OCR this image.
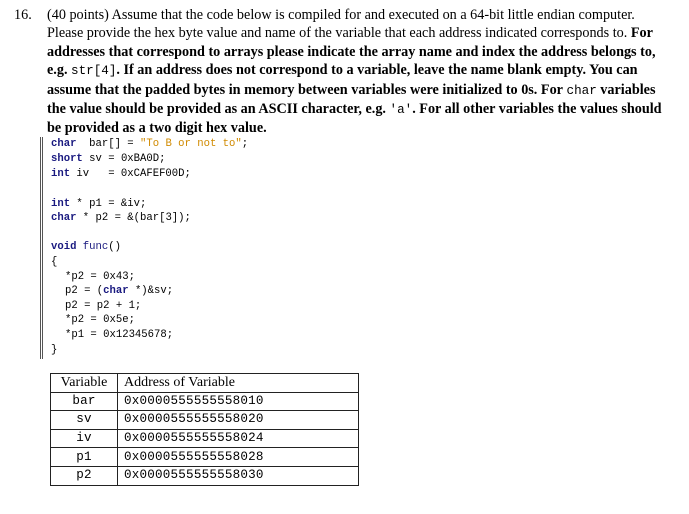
16. (40 points) Assume that the code below is compiled for and executed on a 64-bit little endian computer. Please provide the hex byte value and name of the variable that each address indicated corresponds to. For addresses that correspond to arrays please indicate the array name and index the address belongs to, e.g. str[4]. If an address does not correspond to a variable, leave the name blank empty. You can assume that the padded bytes in memory between variables were initialized to 0s. For char variables the value should be provided as an ASCII character, e.g. 'a'. For all other variables the values should be provided as a two digit hex value.
char  bar[] = "To B or not to";
short sv = 0xBA0D;
int iv   = 0xCAFEF00D;
int * p1 = &iv;
char * p2 = &(bar[3]);
void func()
{
*p2 = 0x43;
p2 = (char *)&sv;
p2 = p2 + 1;
*p2 = 0x5e;
*p1 = 0x12345678;
}
Variable	Address of Variable
bar	0x0000555555558010
sv	0x0000555555558020
iv	0x0000555555558024
p1	0x0000555555558028
p2	0x0000555555558030
